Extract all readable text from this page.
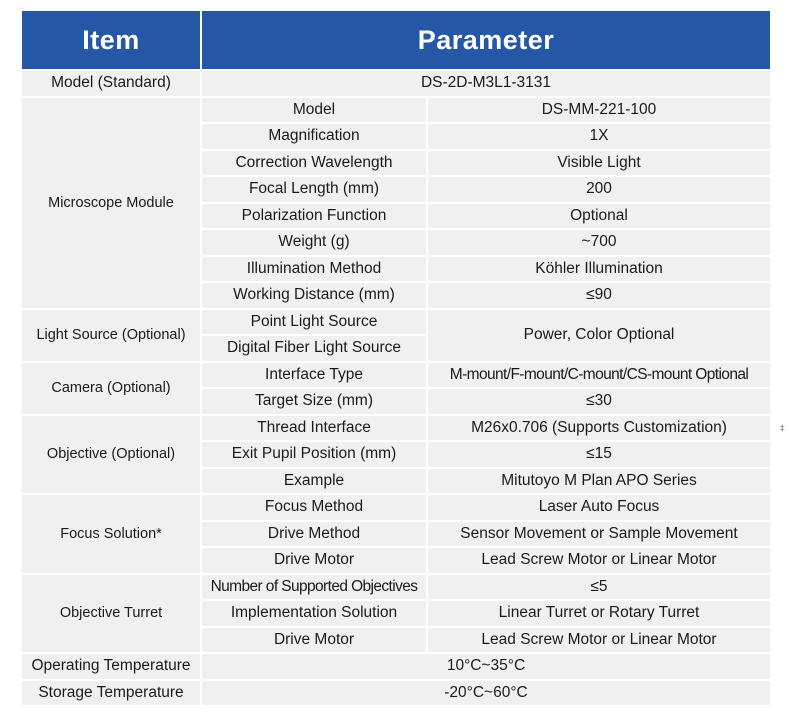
Item	Parameter	
Model (Standard)	DS-2D-M3L1-3131	
Microscope Module	Model	DS-MM-221-100
	Magnification	1X
	Correction Wavelength	Visible Light
	Focal Length (mm)	200
	Polarization Function	Optional
	Weight (g)	~700
	Illumination Method	Köhler Illumination
	Working Distance (mm)	≤90
Light Source (Optional)	Point Light Source	Power, Color Optional
	Digital Fiber Light Source	
Camera (Optional)	Interface Type	M-mount/F-mount/C-mount/CS-mount Optional
	Target Size (mm)	≤30
Objective (Optional)	Thread Interface	M26x0.706 (Supports Customization)
	Exit Pupil Position (mm)	≤15
	Example	Mitutoyo M Plan APO Series
Focus Solution*	Focus Method	Laser Auto Focus
	Drive Method	Sensor Movement or Sample Movement
	Drive Motor	Lead Screw Motor or Linear Motor
Objective Turret	Number of Supported Objectives	≤5
	Implementation Solution	Linear Turret or Rotary Turret
	Drive Motor	Lead Screw Motor or Linear Motor
Operating Temperature	10°C~35°C	
Storage Temperature	-20°C~60°C	
‡
